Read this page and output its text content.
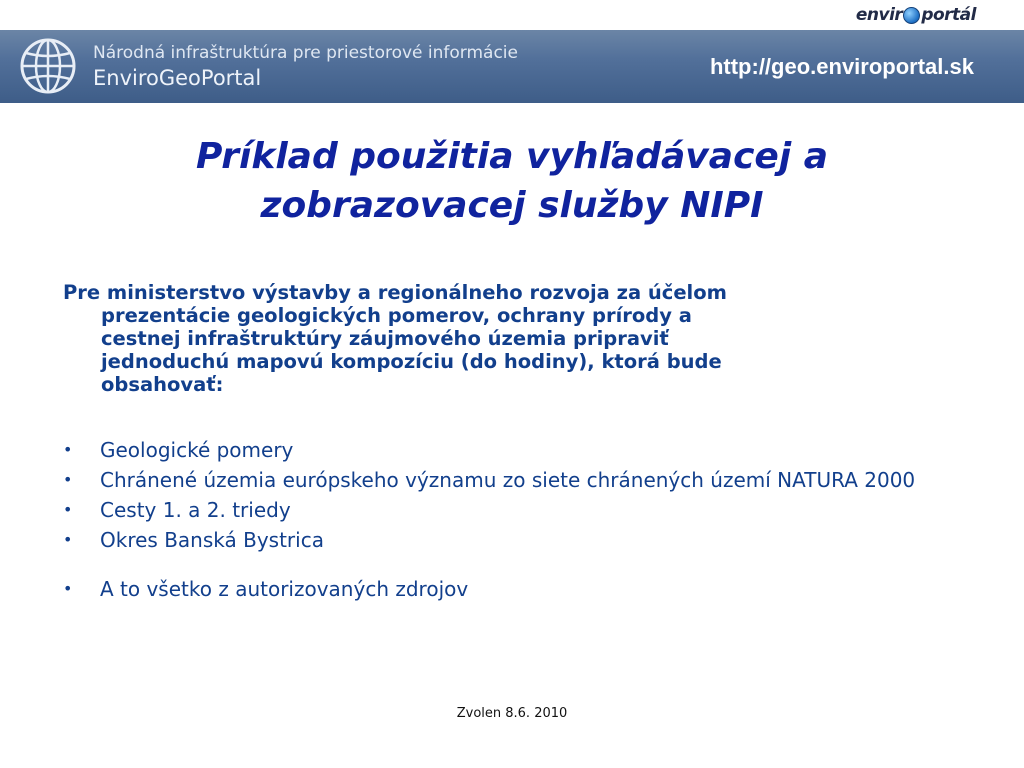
envir portál
Národná infraštruktúra pre priestorové informácie
EnviroGeoPortal	http://geo.enviroportal.sk
Príklad použitia vyhľadávacej a
zobrazovacej služby NIPI
Pre ministerstvo výstavby a regionálneho rozvoja za účelom
prezentácie geologických pomerov, ochrany prírody a
cestnej infraštruktúry záujmového územia pripraviť
jednoduchú mapovú kompozíciu (do hodiny), ktorá bude
obsahovať:
• Geologické pomery
• Chránené územia európskeho významu zo siete chránených území NATURA 2000
• Cesty 1. a 2. triedy
• Okres Banská Bystrica
• A to všetko z autorizovaných zdrojov
Zvolen 8.6. 2010
